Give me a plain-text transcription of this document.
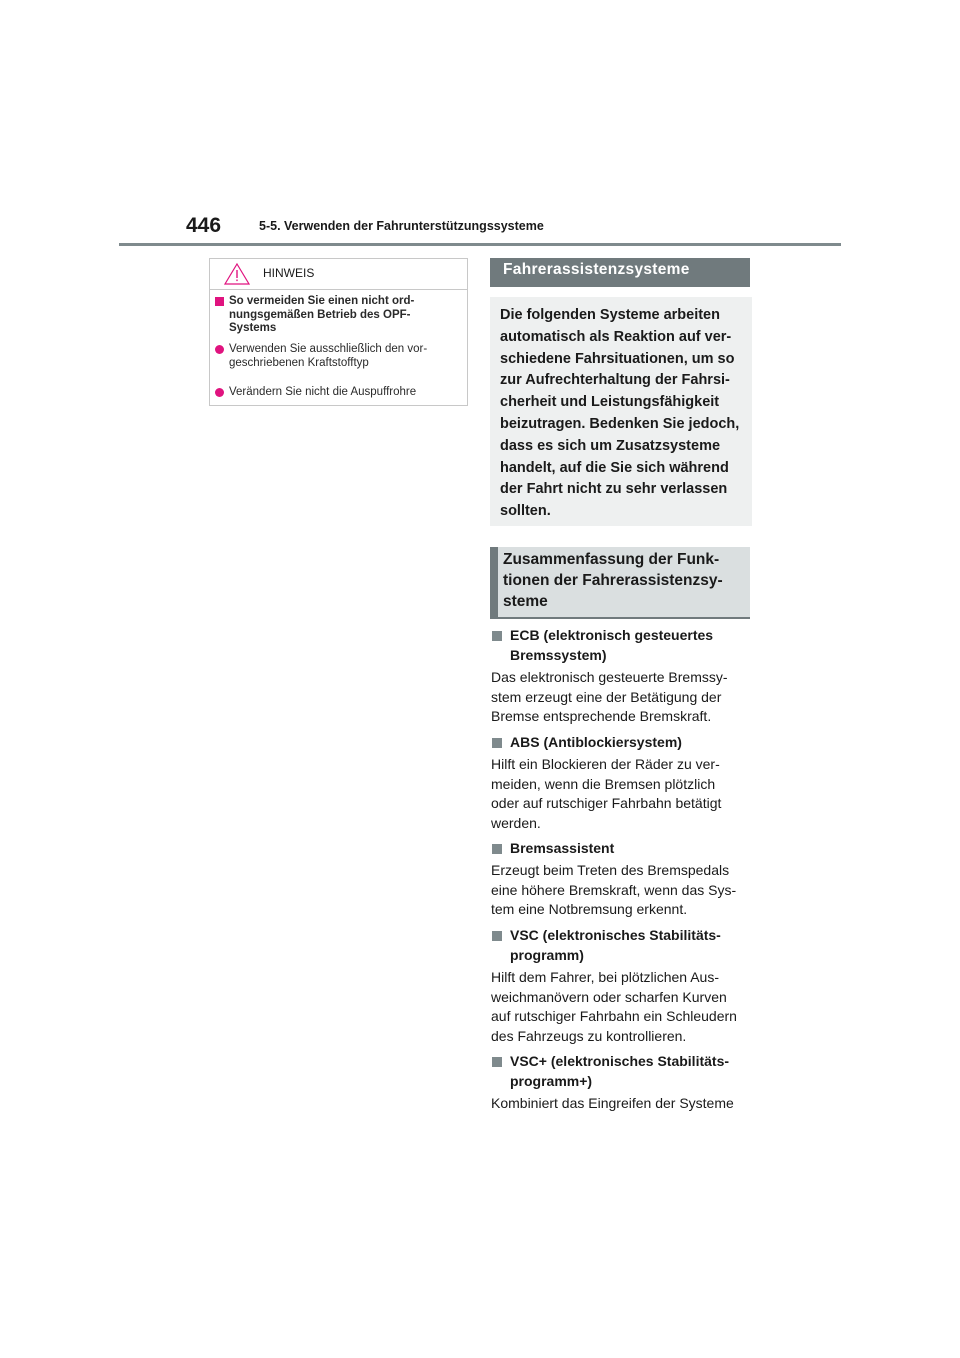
446	5-5. Verwenden der Fahrunterstützungssysteme
HINWEIS
So vermeiden Sie einen nicht ord-
nungsgemäßen Betrieb des OPF-
Systems
Verwenden Sie ausschließlich den vor-
geschriebenen Kraftstofftyp
Verändern Sie nicht die Auspuffrohre
Fahrerassistenzsysteme

Die folgenden Systeme arbeiten
automatisch als Reaktion auf ver-
schiedene Fahrsituationen, um so
zur Aufrechterhaltung der Fahrsi-
cherheit und Leistungsfähigkeit
beizutragen. Bedenken Sie jedoch,
dass es sich um Zusatzsysteme
handelt, auf die Sie sich während
der Fahrt nicht zu sehr verlassen
sollten.

Zusammenfassung der Funk-
tionen der Fahrerassistenzsy-
steme

ECB (elektronisch gesteuertes
Bremssystem)
Das elektronisch gesteuerte Bremssy-
stem erzeugt eine der Betätigung der
Bremse entsprechende Bremskraft.
ABS (Antiblockiersystem)
Hilft ein Blockieren der Räder zu ver-
meiden, wenn die Bremsen plötzlich
oder auf rutschiger Fahrbahn betätigt
werden.
Bremsassistent
Erzeugt beim Treten des Bremspedals
eine höhere Bremskraft, wenn das Sys-
tem eine Notbremsung erkennt.
VSC (elektronisches Stabilitäts-
programm)
Hilft dem Fahrer, bei plötzlichen Aus-
weichmanövern oder scharfen Kurven
auf rutschiger Fahrbahn ein Schleudern
des Fahrzeugs zu kontrollieren.
VSC+ (elektronisches Stabilitäts-
programm+)
Kombiniert das Eingreifen der Systeme
